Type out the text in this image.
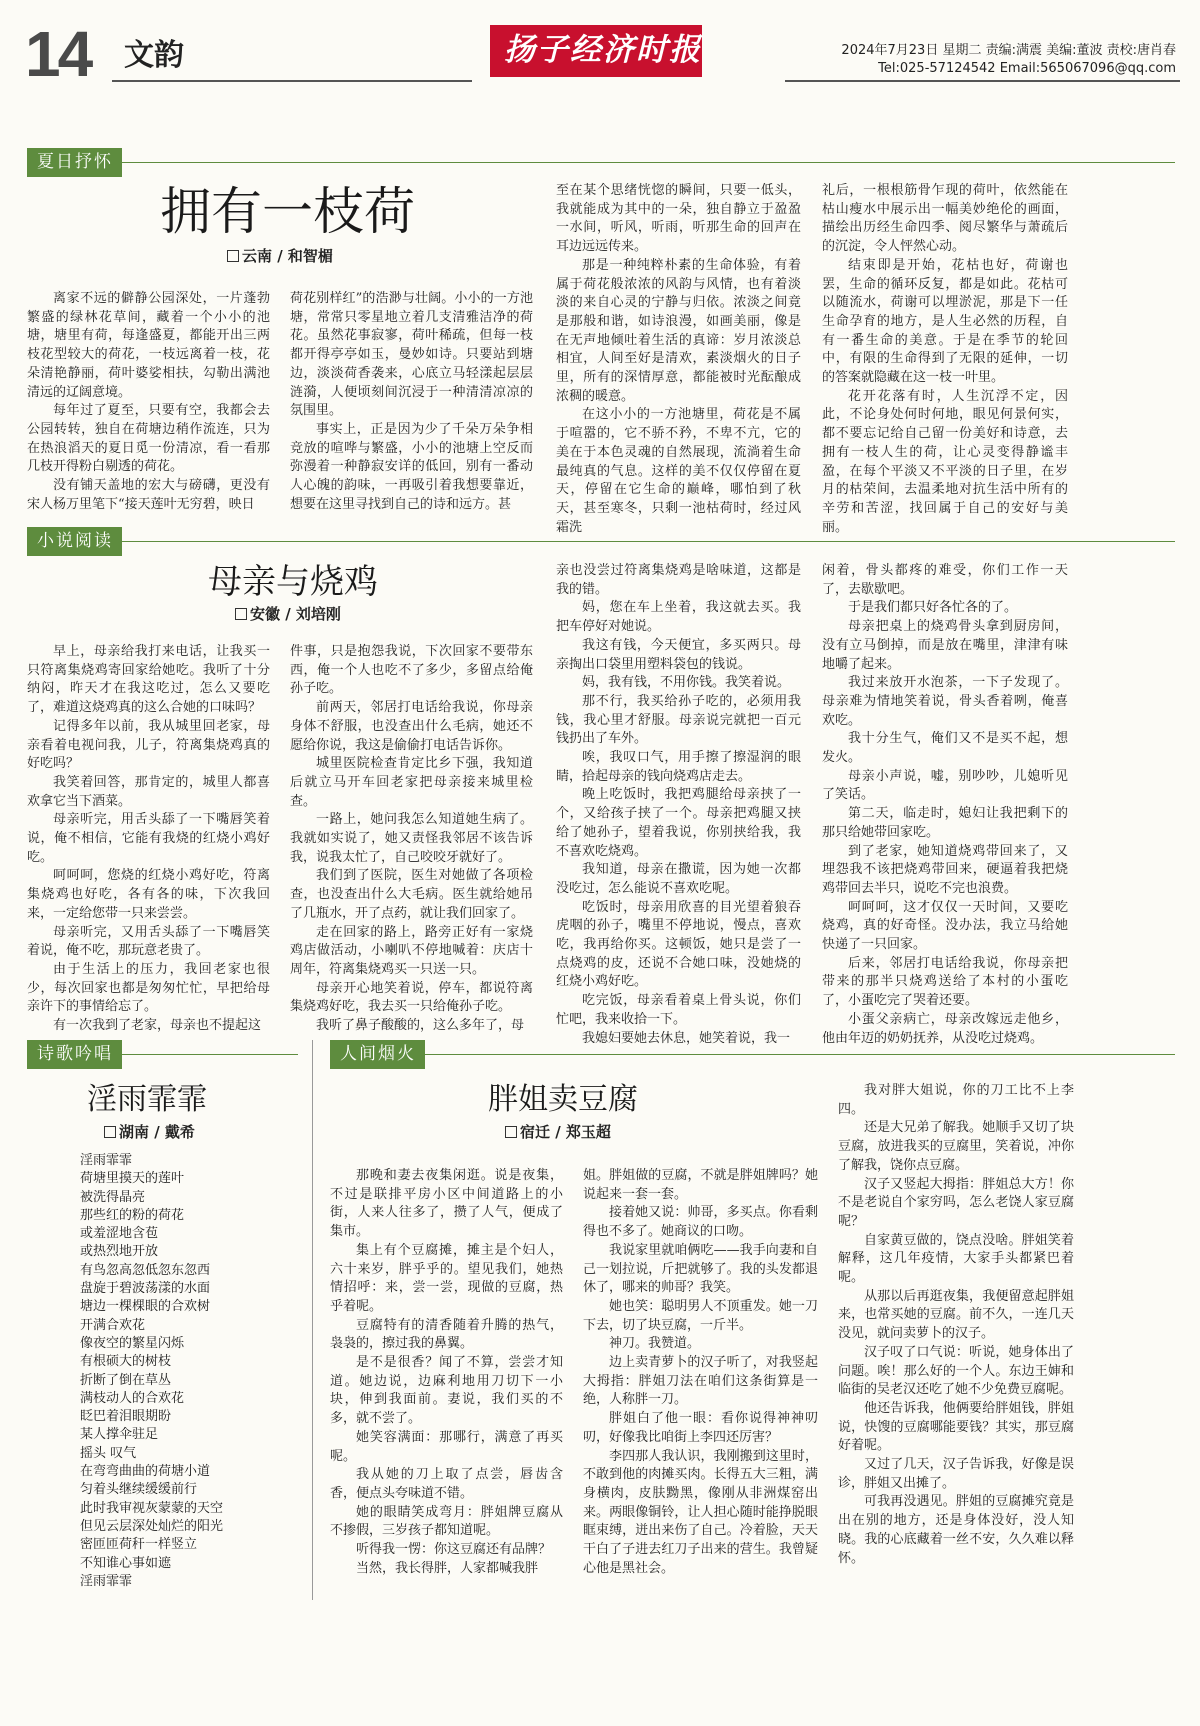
14 文韵	扬子经济时报	2024年7月23日 星期二 责编:满震 美编:董波 责校:唐肖春
Tel:025-57124542 Email:565067096@qq.com
夏日抒怀
拥有一枝荷
云南 / 和智楣

离家不远的僻静公园深处，一片蓬勃繁盛的绿林花草间，藏着一个小小的池塘，塘里有荷，每逢盛夏，都能开出三两枝花型较大的荷花，一枝远离着一枝，花朵清艳静丽，荷叶婆娑相扶，勾勒出满池清远的辽阔意境。

每年过了夏至，只要有空，我都会去公园转转，独自在荷塘边稍作流连，只为在热浪滔天的夏日觅一份清凉，看一看那几枝开得粉白剔透的荷花。

没有铺天盖地的宏大与磅礴，更没有宋人杨万里笔下“接天莲叶无穷碧，映日

荷花别样红”的浩渺与壮阔。小小的一方池塘，常常只零星地立着几支清雅洁净的荷花。虽然花事寂寥，荷叶稀疏，但每一枝都开得亭亭如玉，曼妙如诗。只要站到塘边，淡淡荷香袭来，心底立马轻漾起层层涟漪，人便顷刻间沉浸于一种清清凉凉的氛围里。

事实上，正是因为少了千朵万朵争相竞放的喧哗与繁盛，小小的池塘上空反而弥漫着一种静寂安详的低回，别有一番动人心魄的韵味，一再吸引着我想要靠近，想要在这里寻找到自己的诗和远方。甚

至在某个思绪恍惚的瞬间，只要一低头，我就能成为其中的一朵，独自静立于盈盈一水间，听风，听雨，听那生命的回声在耳边远远传来。

那是一种纯粹朴素的生命体验，有着属于荷花般浓浓的风韵与风情，也有着淡淡的来自心灵的宁静与归依。浓淡之间竟是那般和谐，如诗浪漫，如画美丽，像是在无声地倾吐着生活的真谛：岁月浓淡总相宜，人间至好是清欢，素淡烟火的日子里，所有的深情厚意，都能被时光酝酿成浓稠的暖意。

在这小小的一方池塘里，荷花是不属于喧嚣的，它不骄不矜，不卑不亢，它的美在于本色灵魂的自然展现，流淌着生命最纯真的气息。这样的美不仅仅停留在夏天，停留在它生命的巅峰，哪怕到了秋天，甚至寒冬，只剩一池枯荷时，经过风霜洗

礼后，一根根筋骨乍现的荷叶，依然能在枯山瘦水中展示出一幅美妙绝伦的画面，描绘出历经生命四季、阅尽繁华与萧疏后的沉淀，令人怦然心动。

结束即是开始，花枯也好，荷谢也罢，生命的循环反复，都是如此。花枯可以随流水，荷谢可以埋淤泥，那是下一任生命孕育的地方，是人生必然的历程，自有一番生命的美意。于是在季节的轮回中，有限的生命得到了无限的延伸，一切的答案就隐藏在这一枝一叶里。

花开花落有时，人生沉浮不定，因此，不论身处何时何地，眼见何景何实，都不要忘记给自己留一份美好和诗意，去拥有一枝人生的荷，让心灵变得静谧丰盈，在每个平淡又不平淡的日子里，在岁月的枯荣间，去温柔地对抗生活中所有的辛劳和苦涩，找回属于自己的安好与美丽。

小说阅读
母亲与烧鸡
安徽 / 刘培刚

早上，母亲给我打来电话，让我买一只符离集烧鸡寄回家给她吃。我听了十分纳闷，昨天才在我这吃过，怎么又要吃了，难道这烧鸡真的这么合她的口味吗？

记得多年以前，我从城里回老家，母亲看着电视问我，儿子，符离集烧鸡真的好吃吗？

我笑着回答，那肯定的，城里人都喜欢拿它当下酒菜。

母亲听完，用舌头舔了一下嘴唇笑着说，俺不相信，它能有我烧的红烧小鸡好吃。

呵呵呵，您烧的红烧小鸡好吃，符离集烧鸡也好吃，各有各的味，下次我回来，一定给您带一只来尝尝。

母亲听完，又用舌头舔了一下嘴唇笑着说，俺不吃，那玩意老贵了。

由于生活上的压力，我回老家也很少，每次回家也都是匆匆忙忙，早把给母亲许下的事情给忘了。

有一次我到了老家，母亲也不提起这

件事，只是抱怨我说，下次回家不要带东西，俺一个人也吃不了多少，多留点给俺孙子吃。

前两天，邻居打电话给我说，你母亲身体不舒服，也没查出什么毛病，她还不愿给你说，我这是偷偷打电话告诉你。

城里医院检查肯定比乡下强，我知道后就立马开车回老家把母亲接来城里检查。

一路上，她问我怎么知道她生病了。我就如实说了，她又责怪我邻居不该告诉我，说我太忙了，自己咬咬牙就好了。

我们到了医院，医生对她做了各项检查，也没查出什么大毛病。医生就给她吊了几瓶水，开了点药，就让我们回家了。

走在回家的路上，路旁正好有一家烧鸡店做活动，小喇叭不停地喊着：庆店十周年，符离集烧鸡买一只送一只。

母亲开心地笑着说，停车，都说符离集烧鸡好吃，我去买一只给俺孙子吃。

我听了鼻子酸酸的，这么多年了，母

亲也没尝过符离集烧鸡是啥味道，这都是我的错。

妈，您在车上坐着，我这就去买。我把车停好对她说。

我这有钱，今天便宜，多买两只。母亲掏出口袋里用塑料袋包的钱说。

妈，我有钱，不用你钱。我笑着说。

那不行，我买给孙子吃的，必须用我钱，我心里才舒服。母亲说完就把一百元钱扔出了车外。

唉，我叹口气，用手擦了擦湿润的眼睛，拾起母亲的钱向烧鸡店走去。

晚上吃饭时，我把鸡腿给母亲挟了一个，又给孩子挟了一个。母亲把鸡腿又挟给了她孙子，望着我说，你别挟给我，我不喜欢吃烧鸡。

我知道，母亲在撒谎，因为她一次都没吃过，怎么能说不喜欢吃呢。

吃饭时，母亲用欣喜的目光望着狼吞虎咽的孙子，嘴里不停地说，慢点，喜欢吃，我再给你买。这顿饭，她只是尝了一点烧鸡的皮，还说不合她口味，没她烧的红烧小鸡好吃。

吃完饭，母亲看着桌上骨头说，你们忙吧，我来收拾一下。

我媳妇要她去休息，她笑着说，我一

闲着，骨头都疼的难受，你们工作一天了，去歇歇吧。

于是我们都只好各忙各的了。

母亲把桌上的烧鸡骨头拿到厨房间，没有立马倒掉，而是放在嘴里，津津有味地嚼了起来。

我过来放开水泡茶，一下子发现了。母亲难为情地笑着说，骨头香着咧，俺喜欢吃。

我十分生气，俺们又不是买不起，想发火。

母亲小声说，嘘，别吵吵，儿媳听见了笑话。

第二天，临走时，媳妇让我把剩下的那只给她带回家吃。

到了老家，她知道烧鸡带回来了，又埋怨我不该把烧鸡带回来，硬逼着我把烧鸡带回去半只，说吃不完也浪费。

呵呵呵，这才仅仅一天时间，又要吃烧鸡，真的好奇怪。没办法，我立马给她快递了一只回家。

后来，邻居打电话给我说，你母亲把带来的那半只烧鸡送给了本村的小蛋吃了，小蛋吃完了哭着还要。

小蛋父亲病亡，母亲改嫁远走他乡，他由年迈的奶奶抚养，从没吃过烧鸡。

诗歌吟唱
淫雨霏霏
湖南 / 戴希
淫雨霏霏
荷塘里摸天的莲叶
被洗得晶亮
那些红的粉的荷花
或羞涩地含苞
或热烈地开放
有鸟忽高忽低忽东忽西
盘旋于碧波荡漾的水面
塘边一棵棵眼的合欢树
开满合欢花
像夜空的繁星闪烁
有根硕大的树枝
折断了倒在草丛
满枝动人的合欢花
眨巴着泪眼期盼
某人撑伞驻足
摇头 叹气
在弯弯曲曲的荷塘小道
匀着头继续缓缓前行
此时我审视灰蒙蒙的天空
但见云层深处灿烂的阳光
密匝匝荷秆一样竖立
不知谁心事如遮
淫雨霏霏
人间烟火
胖姐卖豆腐
宿迁 / 郑玉超

那晚和妻去夜集闲逛。说是夜集，不过是联排平房小区中间道路上的小街，人来人往多了，攒了人气，便成了集市。

集上有个豆腐摊，摊主是个妇人，六十来岁，胖乎乎的。望见我们，她热情招呼：来，尝一尝，现做的豆腐，热乎着呢。

豆腐特有的清香随着升腾的热气，袅袅的，擦过我的鼻翼。

是不是很香？闻了不算，尝尝才知道。她边说，边麻利地用刀切下一小块，伸到我面前。妻说，我们买的不多，就不尝了。

她笑容满面：那哪行，满意了再买呢。

我从她的刀上取了点尝，唇齿含香，便点头夸味道不错。

她的眼睛笑成弯月：胖姐牌豆腐从不掺假，三岁孩子都知道呢。

听得我一愣：你这豆腐还有品牌？

当然，我长得胖，人家都喊我胖

姐。胖姐做的豆腐，不就是胖姐牌吗？她说起来一套一套。

接着她又说：帅哥，多买点。你看剩得也不多了。她商议的口吻。

我说家里就咱俩吃——我手向妻和自己一划拉说，斤把就够了。我的头发都退休了，哪来的帅哥？我笑。

她也笑：聪明男人不顶重发。她一刀下去，切了块豆腐，一斤半。

神刀。我赞道。

边上卖青萝卜的汉子听了，对我竖起大拇指：胖姐刀法在咱们这条街算是一绝，人称胖一刀。

胖姐白了他一眼：看你说得神神叨叨，好像我比咱街上李四还厉害？

李四那人我认识，我刚搬到这里时，不敢到他的肉摊买肉。长得五大三粗，满身横肉，皮肤黝黑，像刚从非洲煤窑出来。两眼像铜铃，让人担心随时能挣脱眼眶束缚，迸出来伤了自己。冷着脸，天天干白了子进去红刀子出来的营生。我曾疑心他是黑社会。

我对胖大姐说，你的刀工比不上李四。

还是大兄弟了解我。她顺手又切了块豆腐，放进我买的豆腐里，笑着说，冲你了解我，饶你点豆腐。

汉子又竖起大拇指：胖姐总大方！你不是老说自个家穷吗，怎么老饶人家豆腐呢？

自家黄豆做的，饶点没啥。胖姐笑着解释，这几年疫情，大家手头都紧巴着呢。

从那以后再逛夜集，我便留意起胖姐来，也常买她的豆腐。前不久，一连几天没见，就问卖萝卜的汉子。

汉子叹了口气说：听说，她身体出了问题。唉！那么好的一个人。东边王婶和临街的吴老汉还吃了她不少免费豆腐呢。

他还告诉我，他俩要给胖姐钱，胖姐说，快馊的豆腐哪能要钱？其实，那豆腐好着呢。

又过了几天，汉子告诉我，好像是误诊，胖姐又出摊了。

可我再没遇见。胖姐的豆腐摊究竟是出在别的地方，还是身体没好，没人知晓。我的心底藏着一丝不安，久久难以释怀。
